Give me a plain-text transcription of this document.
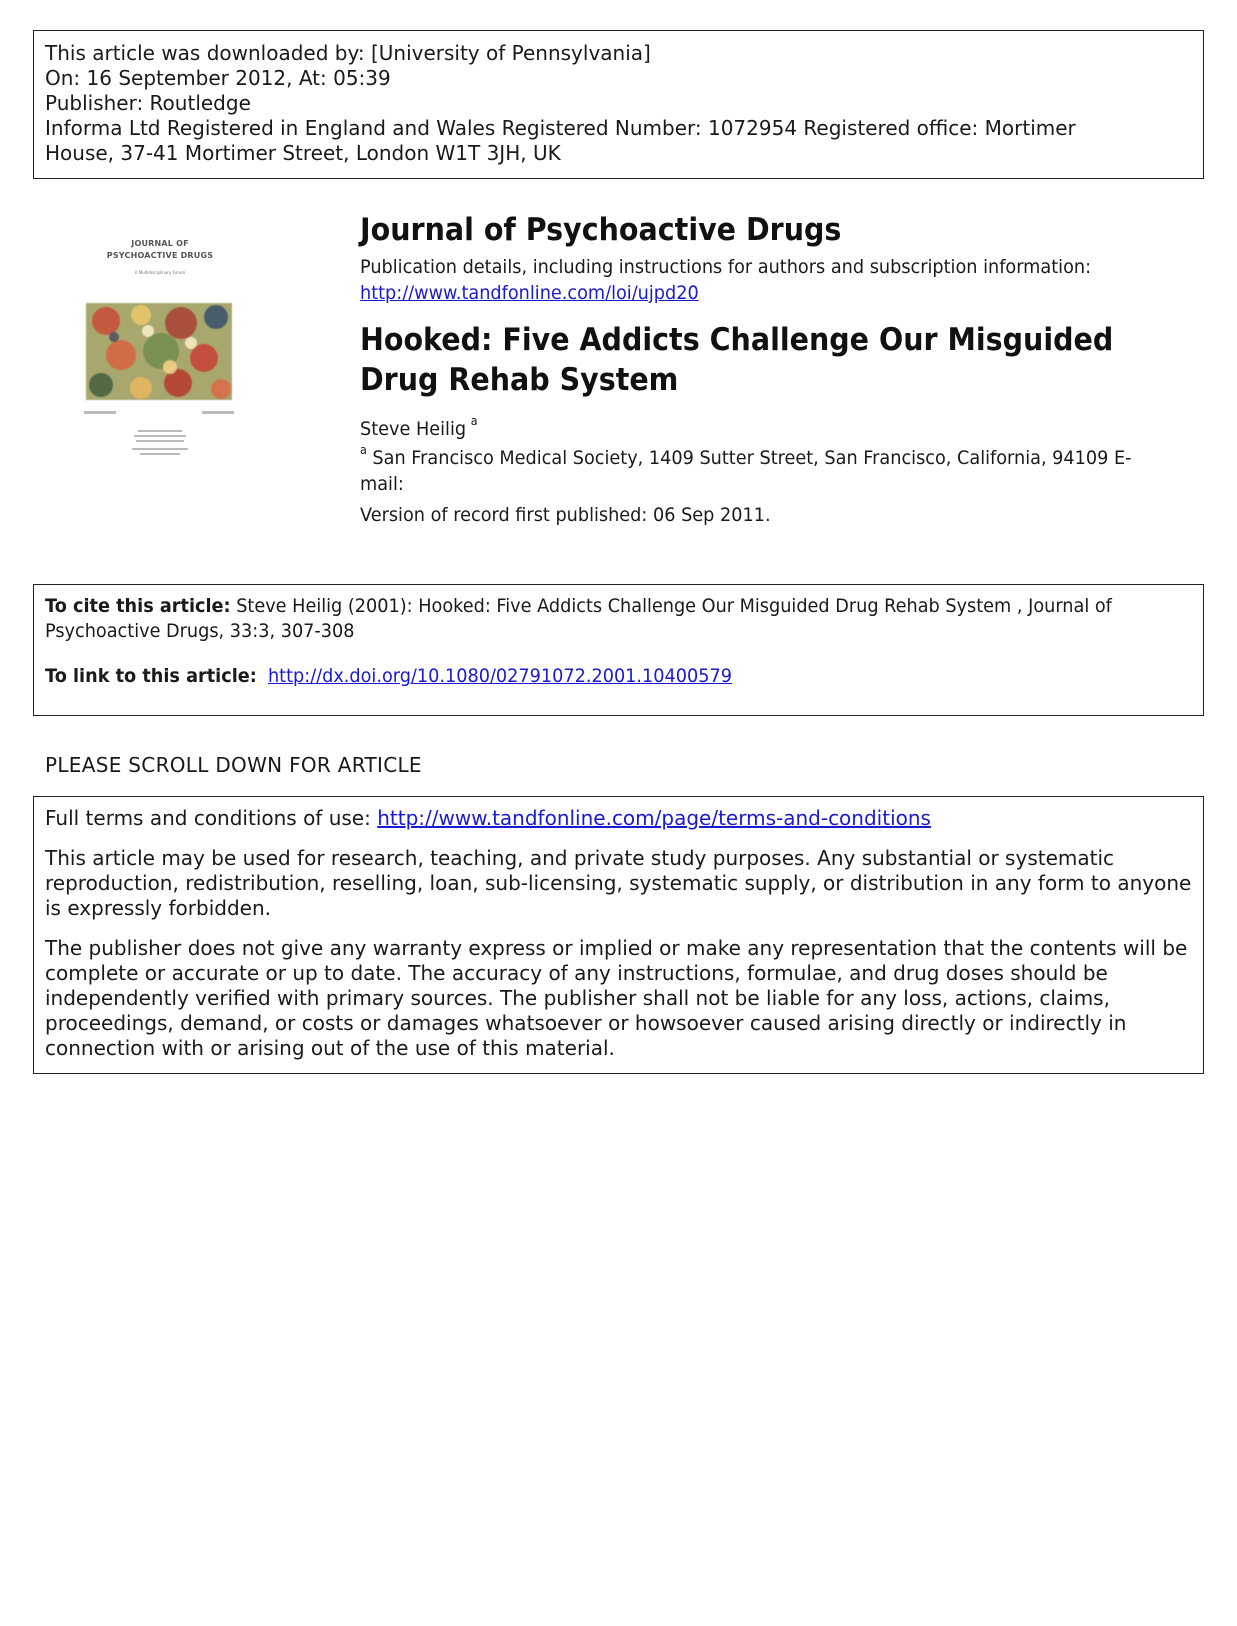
This article was downloaded by: [University of Pennsylvania]
On: 16 September 2012, At: 05:39
Publisher: Routledge
Informa Ltd Registered in England and Wales Registered Number: 1072954 Registered office: Mortimer
House, 37-41 Mortimer Street, London W1T 3JH, UK
JOURNAL OF
PSYCHOACTIVE DRUGS
A Multidisciplinary Forum
Journal of Psychoactive Drugs
Publication details, including instructions for authors and subscription information:
http://www.tandfonline.com/loi/ujpd20
Hooked: Five Addicts Challenge Our Misguided Drug Rehab System
Steve Heilig $^a$
$^a$ San Francisco Medical Society, 1409 Sutter Street, San Francisco, California, 94109 E-mail:
Version of record first published: 06 Sep 2011.
To cite this article: Steve Heilig (2001): Hooked: Five Addicts Challenge Our Misguided Drug Rehab System , Journal of Psychoactive Drugs, 33:3, 307-308
To link to this article: http://dx.doi.org/10.1080/02791072.2001.10400579
PLEASE SCROLL DOWN FOR ARTICLE

Full terms and conditions of use: http://www.tandfonline.com/page/terms-and-conditions

This article may be used for research, teaching, and private study purposes. Any substantial or systematic reproduction, redistribution, reselling, loan, sub-licensing, systematic supply, or distribution in any form to anyone is expressly forbidden.

The publisher does not give any warranty express or implied or make any representation that the contents will be complete or accurate or up to date. The accuracy of any instructions, formulae, and drug doses should be independently verified with primary sources. The publisher shall not be liable for any loss, actions, claims, proceedings, demand, or costs or damages whatsoever or howsoever caused arising directly or indirectly in connection with or arising out of the use of this material.
